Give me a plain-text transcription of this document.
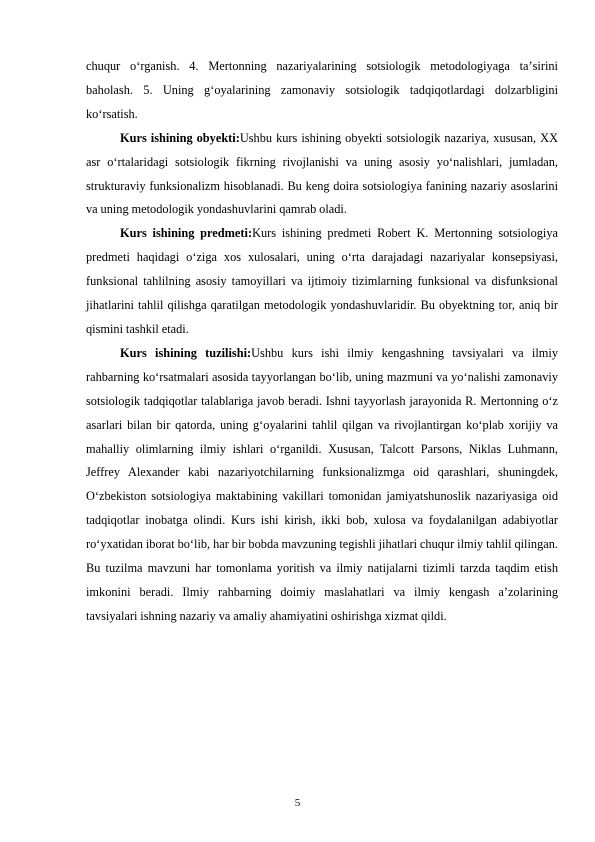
chuqur oʻrganish. 4. Mertonning nazariyalarining sotsiologik metodologiyaga taʼsirini baholash. 5. Uning gʻoyalarining zamonaviy sotsiologik tadqiqotlardagi dolzarbligini koʻrsatish.

Kurs ishining obyekti:Ushbu kurs ishining obyekti sotsiologik nazariya, xususan, XX asr oʻrtalaridagi sotsiologik fikrning rivojlanishi va uning asosiy yoʻnalishlari, jumladan, strukturaviy funksionalizm hisoblanadi. Bu keng doira sotsiologiya fanining nazariy asoslarini va uning metodologik yondashuvlarini qamrab oladi.

Kurs ishining predmeti:Kurs ishining predmeti Robert K. Mertonning sotsiologiya predmeti haqidagi oʻziga xos xulosalari, uning oʻrta darajadagi nazariyalar konsepsiyasi, funksional tahlilning asosiy tamoyillari va ijtimoiy tizimlarning funksional va disfunksional jihatlarini tahlil qilishga qaratilgan metodologik yondashuvlaridir. Bu obyektning tor, aniq bir qismini tashkil etadi.

Kurs ishining tuzilishi:Ushbu kurs ishi ilmiy kengashning tavsiyalari va ilmiy rahbarning koʻrsatmalari asosida tayyorlangan boʻlib, uning mazmuni va yoʻnalishi zamonaviy sotsiologik tadqiqotlar talablariga javob beradi. Ishni tayyorlash jarayonida R. Mertonning oʻz asarlari bilan bir qatorda, uning gʻoyalarini tahlil qilgan va rivojlantirgan koʻplab xorijiy va mahalliy olimlarning ilmiy ishlari oʻrganildi. Xususan, Talcott Parsons, Niklas Luhmann, Jeffrey Alexander kabi nazariyotchilarning funksionalizmga oid qarashlari, shuningdek, Oʻzbekiston sotsiologiya maktabining vakillari tomonidan jamiyatshunoslik nazariyasiga oid tadqiqotlar inobatga olindi. Kurs ishi kirish, ikki bob, xulosa va foydalanilgan adabiyotlar roʻyxatidan iborat boʻlib, har bir bobda mavzuning tegishli jihatlari chuqur ilmiy tahlil qilingan. Bu tuzilma mavzuni har tomonlama yoritish va ilmiy natijalarni tizimli tarzda taqdim etish imkonini beradi. Ilmiy rahbarning doimiy maslahatlari va ilmiy kengash aʼzolarining tavsiyalari ishning nazariy va amaliy ahamiyatini oshirishga xizmat qildi.

5
